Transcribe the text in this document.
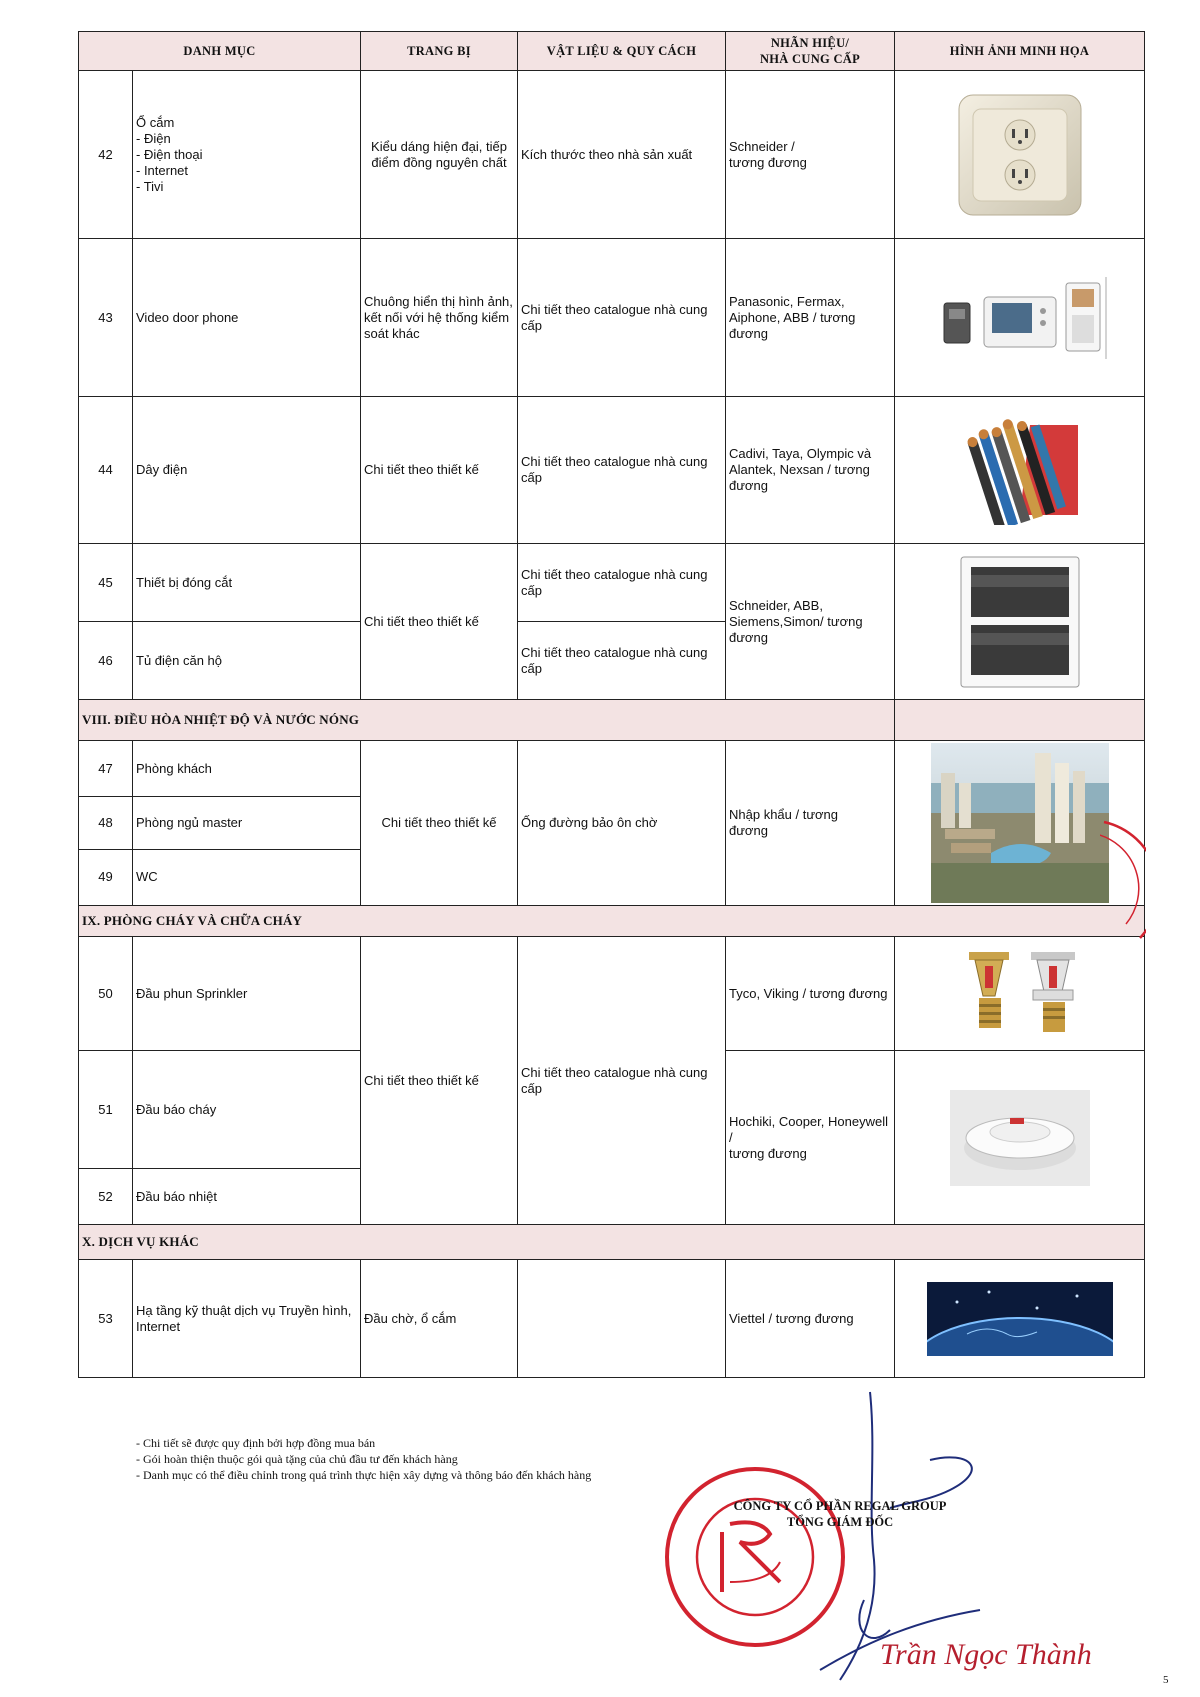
DANH MỤC		TRANG BỊ	VẬT LIỆU & QUY CÁCH	NHÃN HIỆU/
NHÀ CUNG CẤP	HÌNH ẢNH MINH HỌA
42	Ổ cắm
- Điện
- Điện thoại
- Internet
- Tivi	Kiểu dáng hiện đại, tiếp điểm đồng nguyên chất	Kích thước theo nhà sản xuất	Schneider /
tương đương	

43	Video door phone	Chuông hiển thị hình ảnh, kết nối với hệ thống kiểm soát khác	Chi tiết theo catalogue nhà cung cấp	Panasonic, Fermax, Aiphone, ABB / tương đương	

44	Dây điện	Chi tiết theo thiết kế	Chi tiết theo catalogue nhà cung cấp	Cadivi, Taya, Olympic và Alantek, Nexsan / tương đương	

45	Thiết bị đóng cắt	Chi tiết theo thiết kế	Chi tiết theo catalogue nhà cung cấp	Schneider, ABB, Siemens,Simon/ tương đương	

46	Tủ điện căn hộ		Chi tiết theo catalogue nhà cung cấp		
VIII. ĐIỀU HÒA NHIỆT ĐỘ VÀ NƯỚC NÓNG					
47	Phòng khách	Chi tiết theo thiết kế	Ống đường bảo ôn chờ	Nhập khẩu / tương
đương	

48	Phòng ngủ master				
49	WC				
IX. PHÒNG CHÁY VÀ CHỮA CHÁY					
50	Đầu phun Sprinkler	Chi tiết theo thiết kế	Chi tiết theo catalogue nhà cung cấp	Tyco, Viking / tương đương	

51	Đầu báo cháy			Hochiki, Cooper, Honeywell /
tương đương	

52	Đầu báo nhiệt				
X. DỊCH VỤ KHÁC					
53	Hạ tầng kỹ thuật dịch vụ Truyền hình, Internet	Đầu chờ, ổ cắm		Viettel / tương đương	
- Chi tiết sẽ được quy định bởi hợp đồng mua bán
- Gói hoàn thiện thuộc gói quà tặng của chủ đầu tư đến khách hàng
- Danh mục có thể điều chỉnh trong quá trình thực hiện xây dựng và thông báo đến khách hàng
CÔNG TY CỔ PHẦN REGAL GROUP
TỔNG GIÁM ĐỐC
Trần Ngọc Thành
5
